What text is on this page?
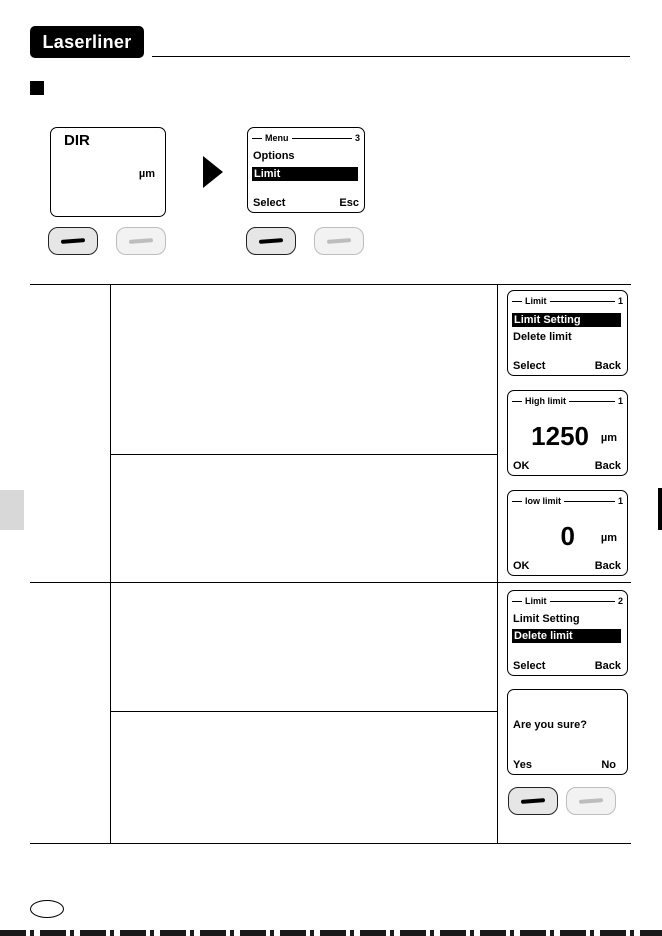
Laserliner
DIR
µm
Menu	3
Options
Limit
Select	Esc
Limit	1
Limit Setting
Delete limit
Select	Back
High limit	1
1250 µm
OK	Back
low limit	1
0 µm
OK	Back
Limit	2
Limit Setting
Delete limit
Select	Back
Are you sure?
Yes	No
